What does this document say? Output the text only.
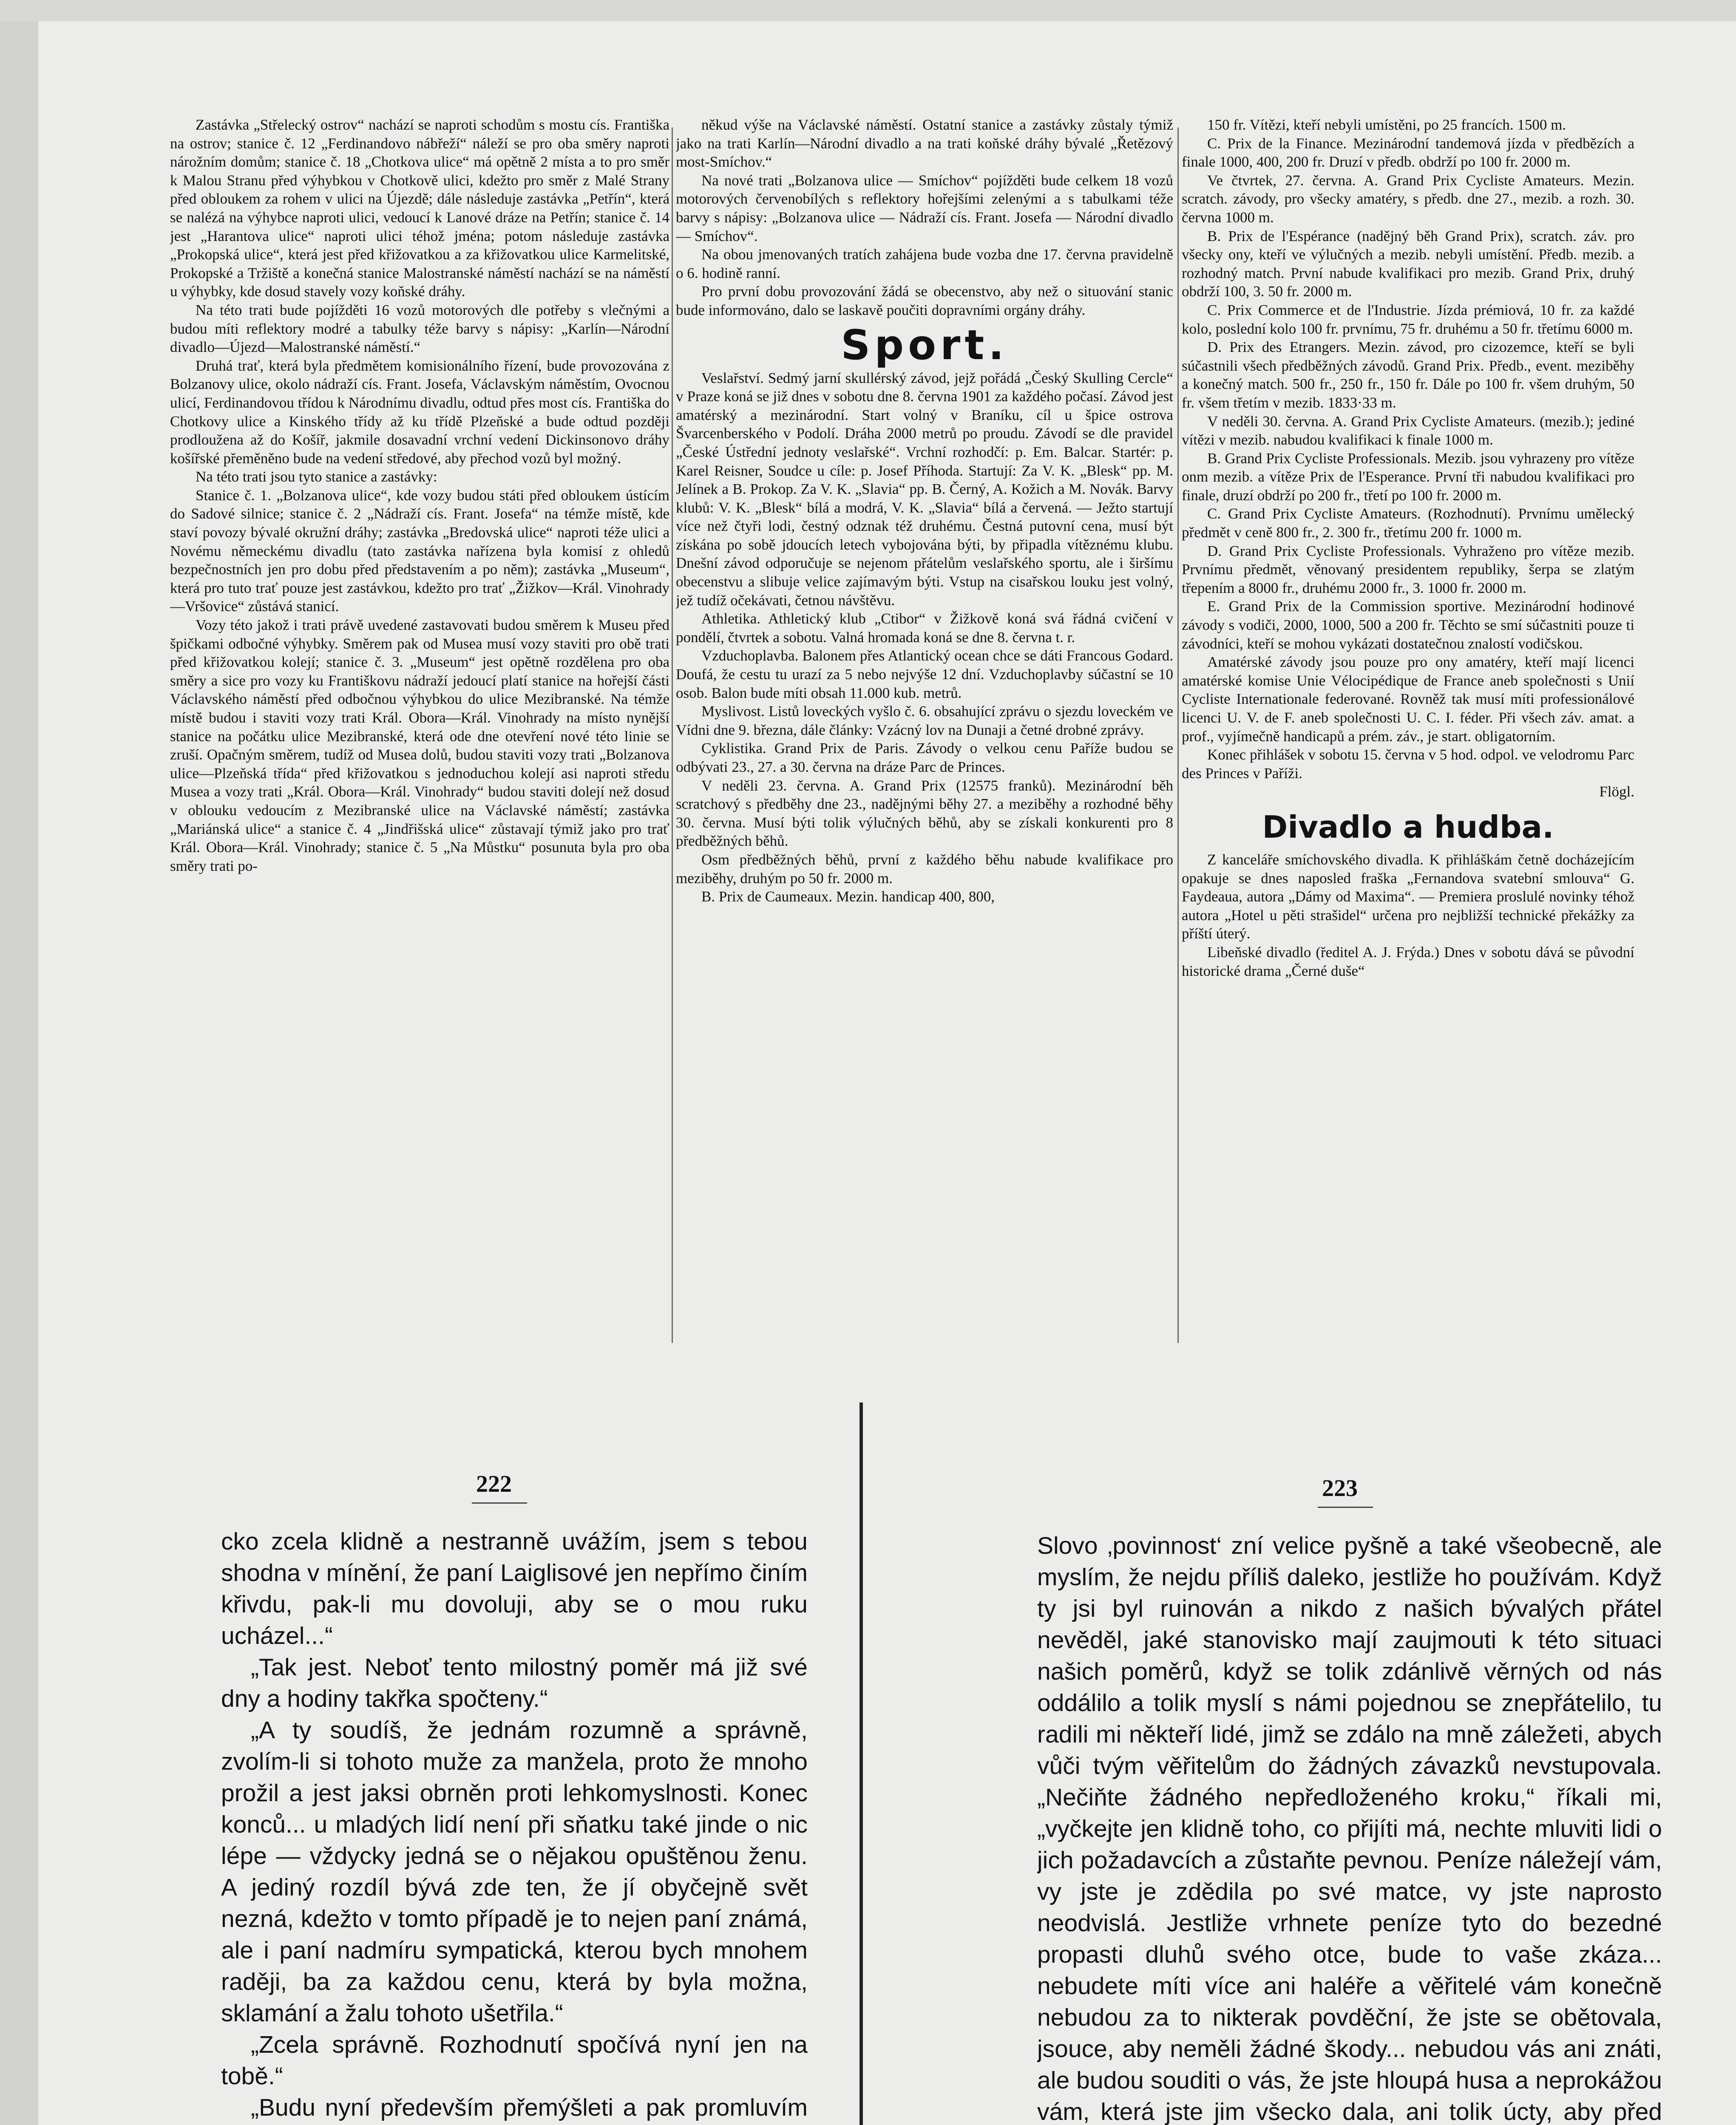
Zastávka „Střelecký ostrov“ nachází se naproti schodům s mostu cís. Františka na ostrov; stanice č. 12 „Ferdinandovo nábřeží“ náleží se pro oba směry naproti nárožním domům; stanice č. 18 „Chotkova ulice“ má opětně 2 místa a to pro směr k Malou Stranu před výhybkou v Chotkově ulici, kdežto pro směr z Malé Strany před obloukem za rohem v ulici na Újezdě; dále následuje zastávka „Petřín“, která se nalézá na výhybce naproti ulici, vedoucí k Lanové dráze na Petřín; stanice č. 14 jest „Harantova ulice“ naproti ulici téhož jména; potom následuje zastávka „Prokopská ulice“, která jest před křižovatkou a za křižovatkou ulice Karmelitské, Prokopské a Tržiště a konečná stanice Malostranské náměstí nachází se na náměstí u výhybky, kde dosud stavely vozy koňské dráhy.

Na této trati bude pojížděti 16 vozů motorových dle potřeby s vlečnými a budou míti reflektory modré a tabulky téže barvy s nápisy: „Karlín—Národní divadlo—Újezd—Malostranské náměstí.“

Druhá trať, která byla předmětem komisionálního řízení, bude provozována z Bolzanovy ulice, okolo nádraží cís. Frant. Josefa, Václavským náměstím, Ovocnou ulicí, Ferdinandovou třídou k Národnímu divadlu, odtud přes most cís. Františka do Chotkovy ulice a Kinského třídy až ku třídě Plzeňské a bude odtud později prodloužena až do Košíř, jakmile dosavadní vrchní vedení Dickinsonovo dráhy košířské přeměněno bude na vedení středové, aby přechod vozů byl možný.

Na této trati jsou tyto stanice a zastávky:

Stanice č. 1. „Bolzanova ulice“, kde vozy budou státi před obloukem ústícím do Sadové silnice; stanice č. 2 „Nádraží cís. Frant. Josefa“ na témže místě, kde staví povozy bývalé okružní dráhy; zastávka „Bredovská ulice“ naproti téže ulici a Novému německému divadlu (tato zastávka nařízena byla komisí z ohledů bezpečnostních jen pro dobu před představením a po něm); zastávka „Museum“, která pro tuto trať pouze jest zastávkou, kdežto pro trať „Žižkov—Král. Vinohrady—Vršovice“ zůstává stanicí.

Vozy této jakož i trati právě uvedené zastavovati budou směrem k Museu před špičkami odbočné výhybky. Směrem pak od Musea musí vozy staviti pro obě trati před křižovatkou kolejí; stanice č. 3. „Museum“ jest opětně rozdělena pro oba směry a sice pro vozy ku Františkovu nádraží jedoucí platí stanice na hořejší části Václavského náměstí před odbočnou výhybkou do ulice Mezibranské. Na témže místě budou i staviti vozy trati Král. Obora—Král. Vinohrady na místo nynější stanice na počátku ulice Mezibranské, která ode dne otevření nové této linie se zruší. Opačným směrem, tudíž od Musea dolů, budou staviti vozy trati „Bolzanova ulice—Plzeňská třída“ před křižovatkou s jednoduchou kolejí asi naproti středu Musea a vozy trati „Král. Obora—Král. Vinohrady“ budou staviti dolejí než dosud v oblouku vedoucím z Mezibranské ulice na Václavské náměstí; zastávka „Mariánská ulice“ a stanice č. 4 „Jindřišská ulice“ zůstavají týmiž jako pro trať Král. Obora—Král. Vinohrady; stanice č. 5 „Na Můstku“ posunuta byla pro oba směry trati po-

někud výše na Václavské náměstí. Ostatní stanice a zastávky zůstaly týmiž jako na trati Karlín—Národní divadlo a na trati koňské dráhy bývalé „Řetězový most-Smíchov.“

Na nové trati „Bolzanova ulice — Smíchov“ pojížděti bude celkem 18 vozů motorových červenobílých s reflektory hořejšími zelenými a s tabulkami téže barvy s nápisy: „Bolzanova ulice — Nádraží cís. Frant. Josefa — Národní divadlo — Smíchov“.

Na obou jmenovaných tratích zahájena bude vozba dne 17. června pravidelně o 6. hodině ranní.

Pro první dobu provozování žádá se obecenstvo, aby než o situování stanic bude informováno, dalo se laskavě poučiti dopravními orgány dráhy.

Sport.

Veslařství. Sedmý jarní skullérský závod, jejž pořádá „Český Skulling Cercle“ v Praze koná se již dnes v sobotu dne 8. června 1901 za každého počasí. Závod jest amatérský a mezinárodní. Start volný v Braníku, cíl u špice ostrova Švarcenberského v Podolí. Dráha 2000 metrů po proudu. Závodí se dle pravidel „České Ústřední jednoty veslařské“. Vrchní rozhodčí: p. Em. Balcar. Startér: p. Karel Reisner, Soudce u cíle: p. Josef Příhoda. Startují: Za V. K. „Blesk“ pp. M. Jelínek a B. Prokop. Za V. K. „Slavia“ pp. B. Černý, A. Kožich a M. Novák. Barvy klubů: V. K. „Blesk“ bílá a modrá, V. K. „Slavia“ bílá a červená. — Ježto startují více než čtyři lodi, čestný odznak též druhému. Čestná putovní cena, musí být získána po sobě jdoucích letech vybojována býti, by připadla vítěznému klubu. Dnešní závod odporučuje se nejenom přátelům veslařského sportu, ale i širšímu obecenstvu a slibuje velice zajímavým býti. Vstup na cisařskou louku jest volný, jež tudíž očekávati, četnou návštěvu.

Athletika. Athletický klub „Ctibor“ v Žižkově koná svá řádná cvičení v pondělí, čtvrtek a sobotu. Valná hromada koná se dne 8. června t. r.

Vzduchoplavba. Balonem přes Atlantický ocean chce se dáti Francous Godard. Doufá, že cestu tu urazí za 5 nebo nejvýše 12 dní. Vzduchoplavby súčastní se 10 osob. Balon bude míti obsah 11.000 kub. metrů.

Myslivost. Listů loveckých vyšlo č. 6. obsahující zprávu o sjezdu loveckém ve Vídni dne 9. března, dále články: Vzácný lov na Dunaji a četné drobné zprávy.

Cyklistika. Grand Prix de Paris. Závody o velkou cenu Paříže budou se odbývati 23., 27. a 30. června na dráze Parc de Princes.

V neděli 23. června. A. Grand Prix (12575 franků). Mezinárodní běh scratchový s předběhy dne 23., nadějnými běhy 27. a meziběhy a rozhodné běhy 30. června. Musí býti tolik výlučných běhů, aby se získali konkurenti pro 8 předběžných běhů.

Osm předběžných běhů, první z každého běhu nabude kvalifikace pro meziběhy, druhým po 50 fr. 2000 m.

B. Prix de Caumeaux. Mezin. handicap 400, 800,

150 fr. Vítězi, kteří nebyli umístěni, po 25 francích. 1500 m.

C. Prix de la Finance. Mezinárodní tandemová jízda v předbězích a finale 1000, 400, 200 fr. Druzí v předb. obdrží po 100 fr. 2000 m.

Ve čtvrtek, 27. června. A. Grand Prix Cycliste Amateurs. Mezin. scratch. závody, pro všecky amatéry, s předb. dne 27., mezib. a rozh. 30. června 1000 m.

B. Prix de l'Espérance (nadějný běh Grand Prix), scratch. záv. pro všecky ony, kteří ve výlučných a mezib. nebyli umístění. Předb. mezib. a rozhodný match. První nabude kvalifikaci pro mezib. Grand Prix, druhý obdrží 100, 3. 50 fr. 2000 m.

C. Prix Commerce et de l'Industrie. Jízda prémiová, 10 fr. za každé kolo, poslední kolo 100 fr. prvnímu, 75 fr. druhému a 50 fr. třetímu 6000 m.

D. Prix des Etrangers. Mezin. závod, pro cizozemce, kteří se byli súčastnili všech předběžných závodů. Grand Prix. Předb., event. meziběhy a konečný match. 500 fr., 250 fr., 150 fr. Dále po 100 fr. všem druhým, 50 fr. všem třetím v mezib. 1833·33 m.

V neděli 30. června. A. Grand Prix Cycliste Amateurs. (mezib.); jediné vítězi v mezib. nabudou kvalifikaci k finale 1000 m.

B. Grand Prix Cycliste Professionals. Mezib. jsou vyhrazeny pro vítěze onm mezib. a vítěze Prix de l'Esperance. První tři nabudou kvalifikaci pro finale, druzí obdrží po 200 fr., třetí po 100 fr. 2000 m.

C. Grand Prix Cycliste Amateurs. (Rozhodnutí). Prvnímu umělecký předmět v ceně 800 fr., 2. 300 fr., třetímu 200 fr. 1000 m.

D. Grand Prix Cycliste Professionals. Vyhraženo pro vítěze mezib. Prvnímu předmět, věnovaný presidentem republiky, šerpa se zlatým třepením a 8000 fr., druhému 2000 fr., 3. 1000 fr. 2000 m.

E. Grand Prix de la Commission sportive. Mezinárodní hodinové závody s vodiči, 2000, 1000, 500 a 200 fr. Těchto se smí súčastniti pouze ti závodníci, kteří se mohou vykázati dostatečnou znalostí vodičskou.

Amatérské závody jsou pouze pro ony amatéry, kteří mají licenci amatérské komise Unie Vélocipédique de France aneb společnosti s Unií Cycliste Internationale federované. Rovněž tak musí míti professionálové licenci U. V. de F. aneb společnosti U. C. I. féder. Při všech záv. amat. a prof., vyjímečně handicapů a prém. záv., je start. obligatorním.

Konec přihlášek v sobotu 15. června v 5 hod. odpol. ve velodromu Parc des Princes v Paříži.

Flögl.

Divadlo a hudba.

Z kanceláře smíchovského divadla. K přihláškám četně docházejícím opakuje se dnes naposled fraška „Fernandova svatební smlouva“ G. Faydeaua, autora „Dámy od Maxima“. — Premiera proslulé novinky téhož autora „Hotel u pěti strašidel“ určena pro nejbližší technické překážky za příští úterý.

Libeňské divadlo (ředitel A. J. Frýda.) Dnes v sobotu dává se původní historické drama „Černé duše“

222	223

cko zcela klidně a nestranně uvážím, jsem s tebou shodna v mínění, že paní Laiglisové jen nepřímo činím křivdu, pak-li mu dovoluji, aby se o mou ruku ucházel...“

„Tak jest. Neboť tento milostný poměr má již své dny a hodiny takřka spočteny.“

„A ty soudíš, že jednám rozumně a správně, zvolím-li si tohoto muže za manžela, proto že mnoho prožil a jest jaksi obrněn proti lehkomyslnosti. Konec konců... u mladých lidí není při sňatku také jinde o nic lépe — vždycky jedná se o nějakou opuštěnou ženu. A jediný rozdíl bývá zde ten, že jí obyčejně svět nezná, kdežto v tomto případě je to nejen paní známá, ale i paní nadmíru sympatická, kterou bych mnohem raději, ba za každou cenu, která by byla možna, sklamání a žalu tohoto ušetřila.“

„Zcela správně. Rozhodnutí spočívá nyní jen na tobě.“

„Budu nyní především přemýšleti a pak promluvím

Slovo ‚povinnost‘ zní velice pyšně a také všeobecně, ale myslím, že nejdu příliš daleko, jestliže ho používám. Když ty jsi byl ruinován a nikdo z našich bývalých přátel nevěděl, jaké stanovisko mají zaujmouti k této situaci našich poměrů, když se tolik zdánlivě věrných od nás oddálilo a tolik myslí s námi pojednou se znepřátelilo, tu radili mi někteří lidé, jimž se zdálo na mně záležeti, abych vůči tvým věřitelům do žádných závazků nevstupovala. „Nečiňte žádného nepředloženého kroku,“ říkali mi, „vyčkejte jen klidně toho, co přijíti má, nechte mluviti lidi o jich požadavcích a zůstaňte pevnou. Peníze náležejí vám, vy jste je zdědila po své matce, vy jste naprosto neodvislá. Jestliže vrhnete peníze tyto do bezedné propasti dluhů svého otce, bude to vaše zkáza... nebudete míti více ani haléře a věřitelé vám konečně nebudou za to nikterak povděční, že jste se obětovala, jsouce, aby neměli žádné škody... nebudou vás ani znáti, ale budou souditi o vás, že jste hloupá husa a neprokážou vám, která jste jim všecko dala, ani tolik úcty, aby před
